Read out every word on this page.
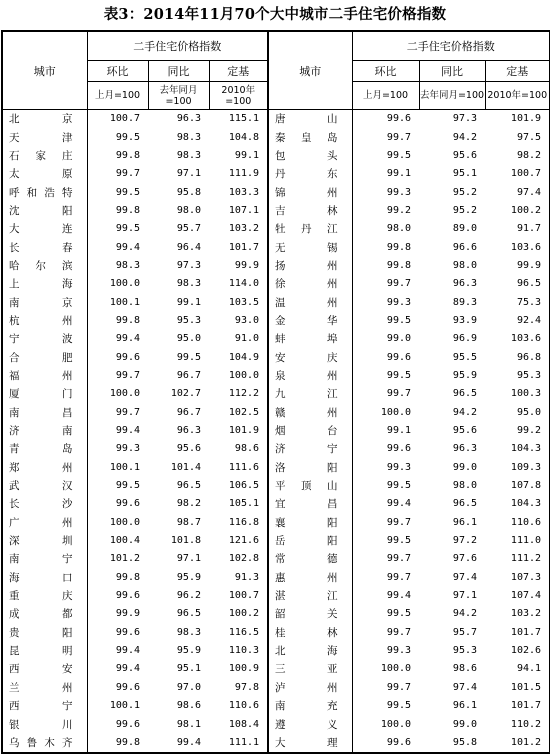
表3：2014年11月70个大中城市二手住宅价格指数
城市	二手住宅价格指数			城市	二手住宅价格指数		
	环比	同比	定基		环比	同比	定基
	上月=100	去年同月=100	2010年=100		上月=100	去年同月=100	2010年=100
北　京	100.7	96.3	115.1	唐　山	99.6	97.3	101.9
天　津	99.5	98.3	104.8	秦皇岛	99.7	94.2	97.5
石家庄	99.8	98.3	99.1	包　头	99.5	95.6	98.2
太　原	99.7	97.1	111.9	丹　东	99.1	95.1	100.7
呼和浩特	99.5	95.8	103.3	锦　州	99.3	95.2	97.4
沈　阳	99.8	98.0	107.1	吉　林	99.2	95.2	100.2
大　连	99.5	95.7	103.2	牡丹江	98.0	89.0	91.7
长　春	99.4	96.4	101.7	无　锡	99.8	96.6	103.6
哈尔滨	98.3	97.3	99.9	扬　州	99.8	98.0	99.9
上　海	100.0	98.3	114.0	徐　州	99.7	96.3	96.5
南　京	100.1	99.1	103.5	温　州	99.3	89.3	75.3
杭　州	99.8	95.3	93.0	金　华	99.5	93.9	92.4
宁　波	99.4	95.0	91.0	蚌　埠	99.0	96.9	103.6
合　肥	99.6	99.5	104.9	安　庆	99.6	95.5	96.8
福　州	99.7	96.7	100.0	泉　州	99.5	95.9	95.3
厦　门	100.0	102.7	112.2	九　江	99.7	96.5	100.3
南　昌	99.7	96.7	102.5	赣　州	100.0	94.2	95.0
济　南	99.4	96.3	101.9	烟　台	99.1	95.6	99.2
青　岛	99.3	95.6	98.6	济　宁	99.6	96.3	104.3
郑　州	100.1	101.4	111.6	洛　阳	99.3	99.0	109.3
武　汉	99.5	96.5	106.5	平顶山	99.5	98.0	107.8
长　沙	99.6	98.2	105.1	宜　昌	99.4	96.5	104.3
广　州	100.0	98.7	116.8	襄　阳	99.7	96.1	110.6
深　圳	100.4	101.8	121.6	岳　阳	99.5	97.2	111.0
南　宁	101.2	97.1	102.8	常　德	99.7	97.6	111.2
海　口	99.8	95.9	91.3	惠　州	99.7	97.4	107.3
重　庆	99.6	96.2	100.7	湛　江	99.4	97.1	107.4
成　都	99.9	96.5	100.2	韶　关	99.5	94.2	103.2
贵　阳	99.6	98.3	116.5	桂　林	99.7	95.7	101.7
昆　明	99.4	95.9	110.3	北　海	99.3	95.3	102.6
西　安	99.4	95.1	100.9	三　亚	100.0	98.6	94.1
兰　州	99.6	97.0	97.8	泸　州	99.7	97.4	101.5
西　宁	100.1	98.6	110.6	南　充	99.5	96.1	101.7
银　川	99.6	98.1	108.4	遵　义	100.0	99.0	110.2
乌鲁木齐	99.8	99.4	111.1	大　理	99.6	95.8	101.2
